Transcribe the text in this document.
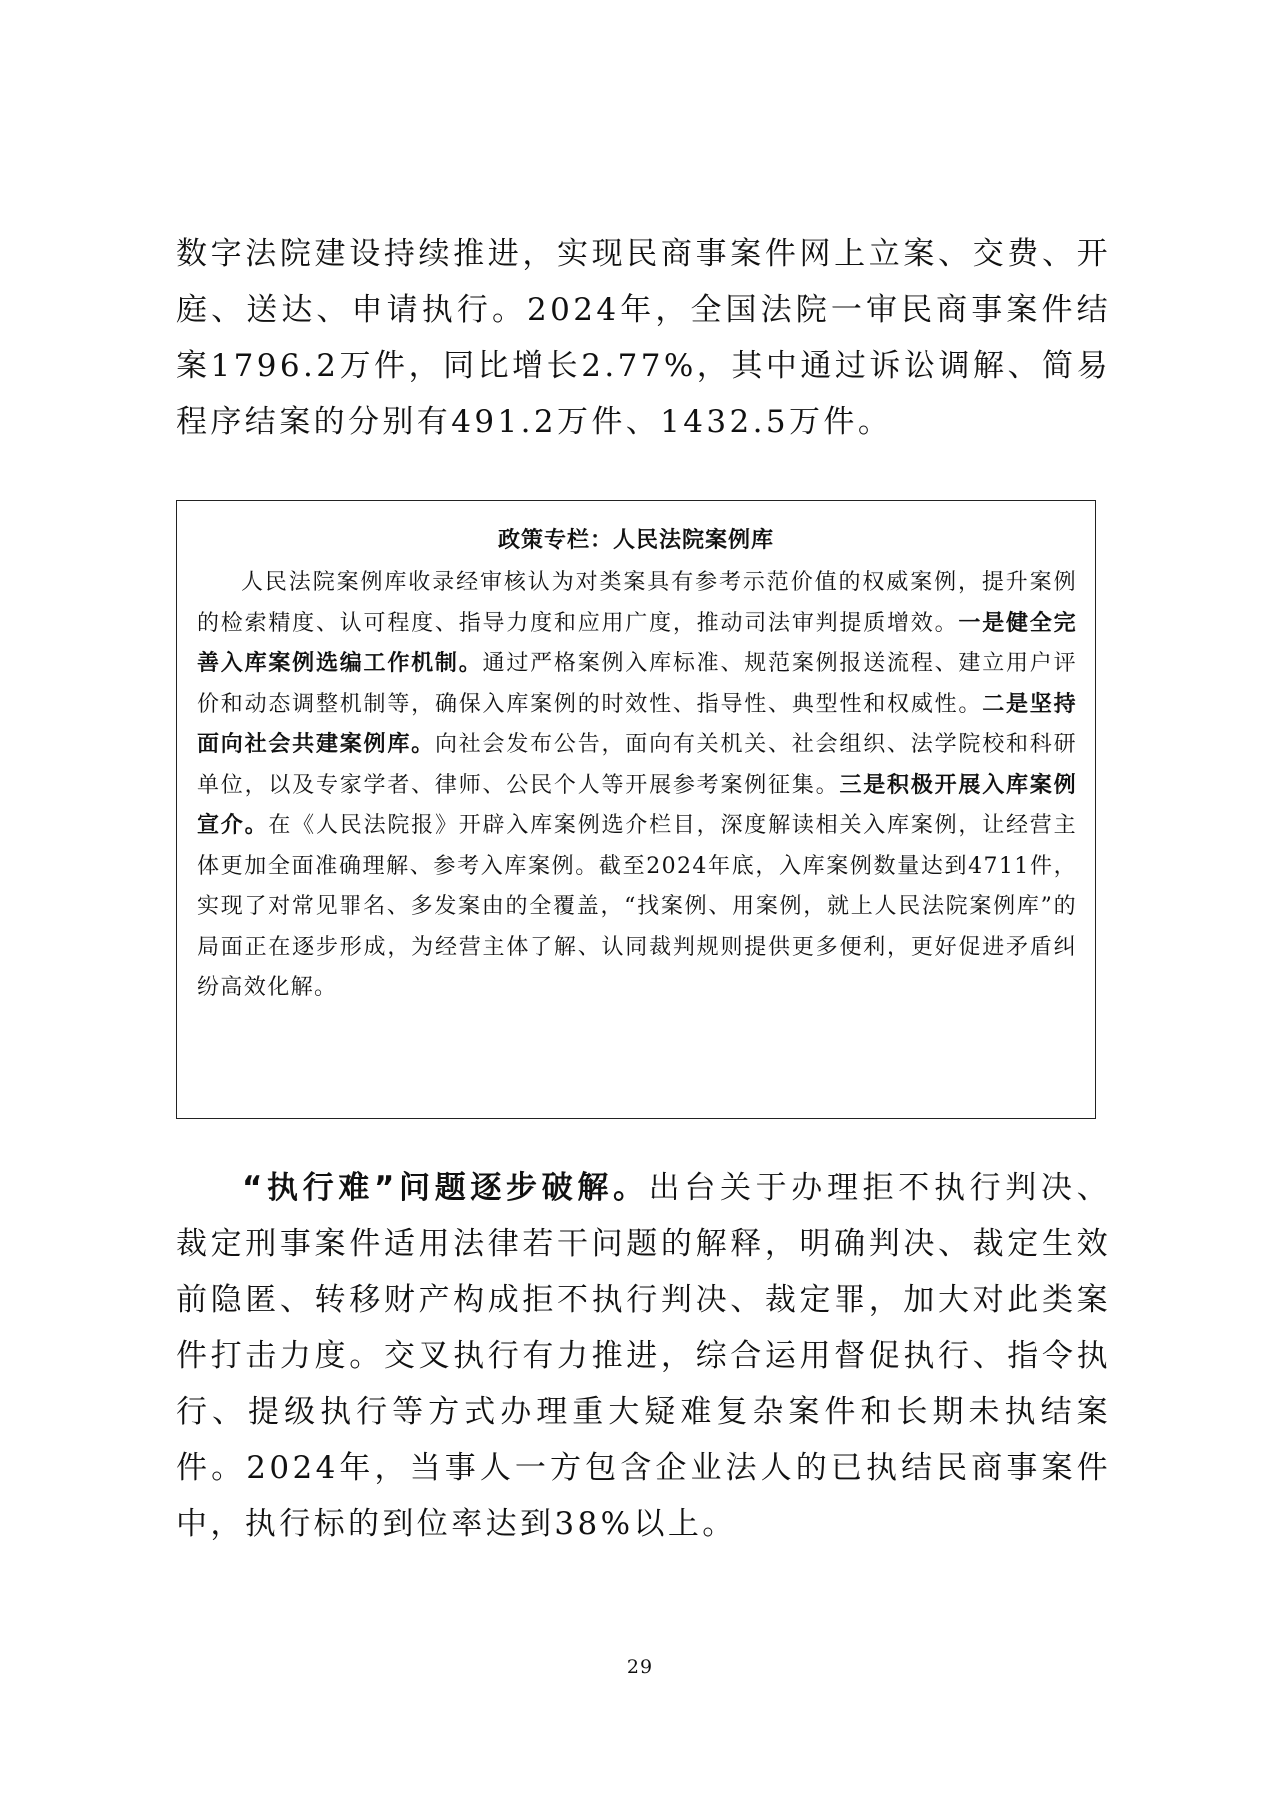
数字法院建设持续推进，实现民商事案件网上立案、交费、开庭、送达、申请执行。2024年，全国法院一审民商事案件结案1796.2万件，同比增长2.77%，其中通过诉讼调解、简易程序结案的分别有491.2万件、1432.5万件。

政策专栏：人民法院案例库

人民法院案例库收录经审核认为对类案具有参考示范价值的权威案例，提升案例的检索精度、认可程度、指导力度和应用广度，推动司法审判提质增效。一是健全完善入库案例选编工作机制。通过严格案例入库标准、规范案例报送流程、建立用户评价和动态调整机制等，确保入库案例的时效性、指导性、典型性和权威性。二是坚持面向社会共建案例库。向社会发布公告，面向有关机关、社会组织、法学院校和科研单位，以及专家学者、律师、公民个人等开展参考案例征集。三是积极开展入库案例宣介。在《人民法院报》开辟入库案例选介栏目，深度解读相关入库案例，让经营主体更加全面准确理解、参考入库案例。截至2024年底，入库案例数量达到4711件，实现了对常见罪名、多发案由的全覆盖，“找案例、用案例，就上人民法院案例库”的局面正在逐步形成，为经营主体了解、认同裁判规则提供更多便利，更好促进矛盾纠纷高效化解。

“执行难”问题逐步破解。出台关于办理拒不执行判决、裁定刑事案件适用法律若干问题的解释，明确判决、裁定生效前隐匿、转移财产构成拒不执行判决、裁定罪，加大对此类案件打击力度。交叉执行有力推进，综合运用督促执行、指令执行、提级执行等方式办理重大疑难复杂案件和长期未执结案件。2024年，当事人一方包含企业法人的已执结民商事案件中，执行标的到位率达到38%以上。

29
